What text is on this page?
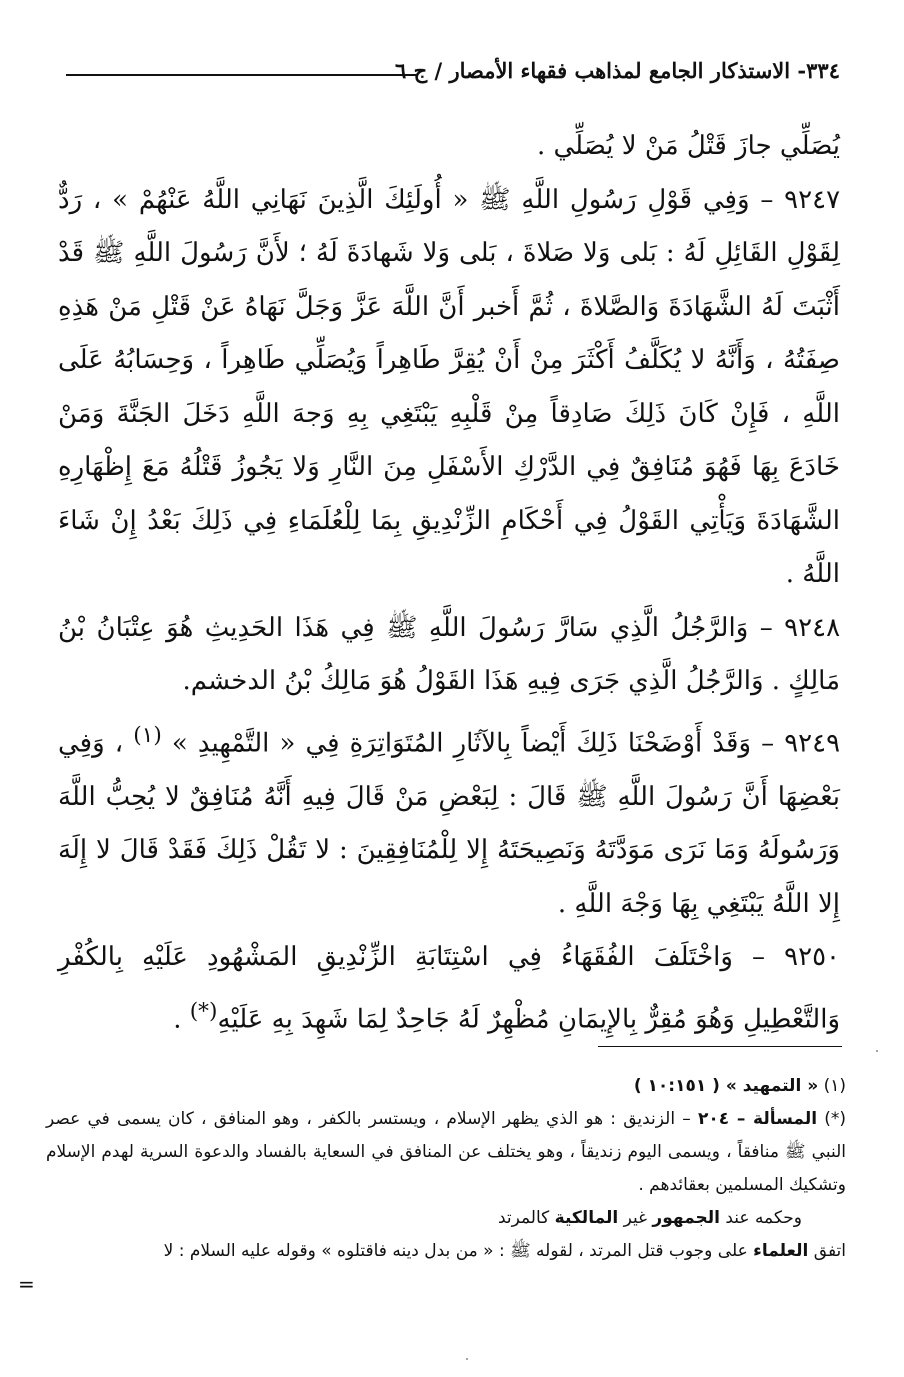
٣٣٤- الاستذكار الجامع لمذاهب فقهاء الأمصار / ج ٦

يُصَلِّي جازَ قَتْلُ مَنْ لا يُصَلِّي .

٩٢٤٧ – وَفِي قَوْلِ رَسُولِ اللَّهِ ﷺ « أُولَئِكَ الَّذِينَ نَهَانِي اللَّهُ عَنْهُمْ » ، رَدٌّ لِقَوْلِ القَائِلِ لَهُ : بَلى وَلا صَلاةَ ، بَلى وَلا شَهادَةَ لَهُ ؛ لأَنَّ رَسُولَ اللَّهِ ﷺ قَدْ أَثْبَتَ لَهُ الشَّهَادَةَ وَالصَّلاةَ ، ثُمَّ أَخبر أَنَّ اللَّهَ عَزَّ وَجَلَّ نَهَاهُ عَنْ قَتْلِ مَنْ هَذِهِ صِفَتُهُ ، وَأَنَّهُ لا يُكَلَّفُ أَكْثَرَ مِنْ أَنْ يُقِرَّ طَاهِراً وَيُصَلِّي طَاهِراً ، وَحِسَابُهُ عَلَى اللَّهِ ، فَإِنْ كَانَ ذَلِكَ صَادِقاً مِنْ قَلْبِهِ يَبْتَغِي بِهِ وَجهَ اللَّهِ دَخَلَ الجَنَّةَ وَمَنْ خَادَعَ بِهَا فَهُوَ مُنَافِقٌ فِي الدَّرْكِ الأَسْفَلِ مِنَ النَّارِ وَلا يَجُوزُ قَتْلُهُ مَعَ إِظْهَارِهِ الشَّهَادَةَ وَيَأْتِي القَوْلُ فِي أَحْكَامِ الزِّنْدِيقِ بِمَا لِلْعُلَمَاءِ فِي ذَلِكَ بَعْدُ إِنْ شَاءَ اللَّهُ .

٩٢٤٨ – وَالرَّجُلُ الَّذِي سَارَّ رَسُولَ اللَّهِ ﷺ فِي هَذَا الحَدِيثِ هُوَ عِتْبَانُ بْنُ مَالِكٍ . وَالرَّجُلُ الَّذِي جَرَى فِيهِ هَذَا القَوْلُ هُوَ مَالِكُ بْنُ الدخشم.

٩٢٤٩ – وَقَدْ أَوْضَحْنَا ذَلِكَ أَيْضاً بِالآثَارِ المُتَوَاتِرَةِ فِي « التَّمْهِيدِ » $^{(١)}$ ، وَفِي بَعْضِهَا أَنَّ رَسُولَ اللَّهِ ﷺ قَالَ : لِبَعْضِ مَنْ قَالَ فِيهِ أَنَّهُ مُنَافِقٌ لا يُحِبُّ اللَّهَ وَرَسُولَهُ وَمَا نَرَى مَوَدَّتَهُ وَنَصِيحَتَهُ إِلا لِلْمُنَافِقِينَ : لا تَقُلْ ذَلِكَ فَقَدْ قَالَ لا إِلَهَ إِلا اللَّهُ يَبْتَغِي بِهَا وَجْهَ اللَّهِ .

٩٢٥٠ – وَاخْتَلَفَ الفُقَهَاءُ فِي اسْتِتَابَةِ الزِّنْدِيقِ المَشْهُودِ عَلَيْهِ بِالكُفْرِ وَالتَّعْطِيلِ وَهُوَ مُقِرٌّ بِالإِيمَانِ مُظْهِرٌ لَهُ جَاحِدٌ لِمَا شَهِدَ بِهِ عَلَيْهِ(*) .

(١) « التمهيد » ( ١٠:١٥١ )

(*) المسألة – ٢٠٤ – الزنديق : هو الذي يظهر الإسلام ، ويستسر بالكفر ، وهو المنافق ، كان يسمى في عصر النبي ﷺ منافقاً ، ويسمى اليوم زنديقاً ، وهو يختلف عن المنافق في السعاية بالفساد والدعوة السرية لهدم الإسلام وتشكيك المسلمين بعقائدهم .

وحكمه عند الجمهور غير المالكية كالمرتد

اتفق العلماء على وجوب قتل المرتد ، لقوله ﷺ : « من بدل دينه فاقتلوه » وقوله عليه السلام : لا

=
